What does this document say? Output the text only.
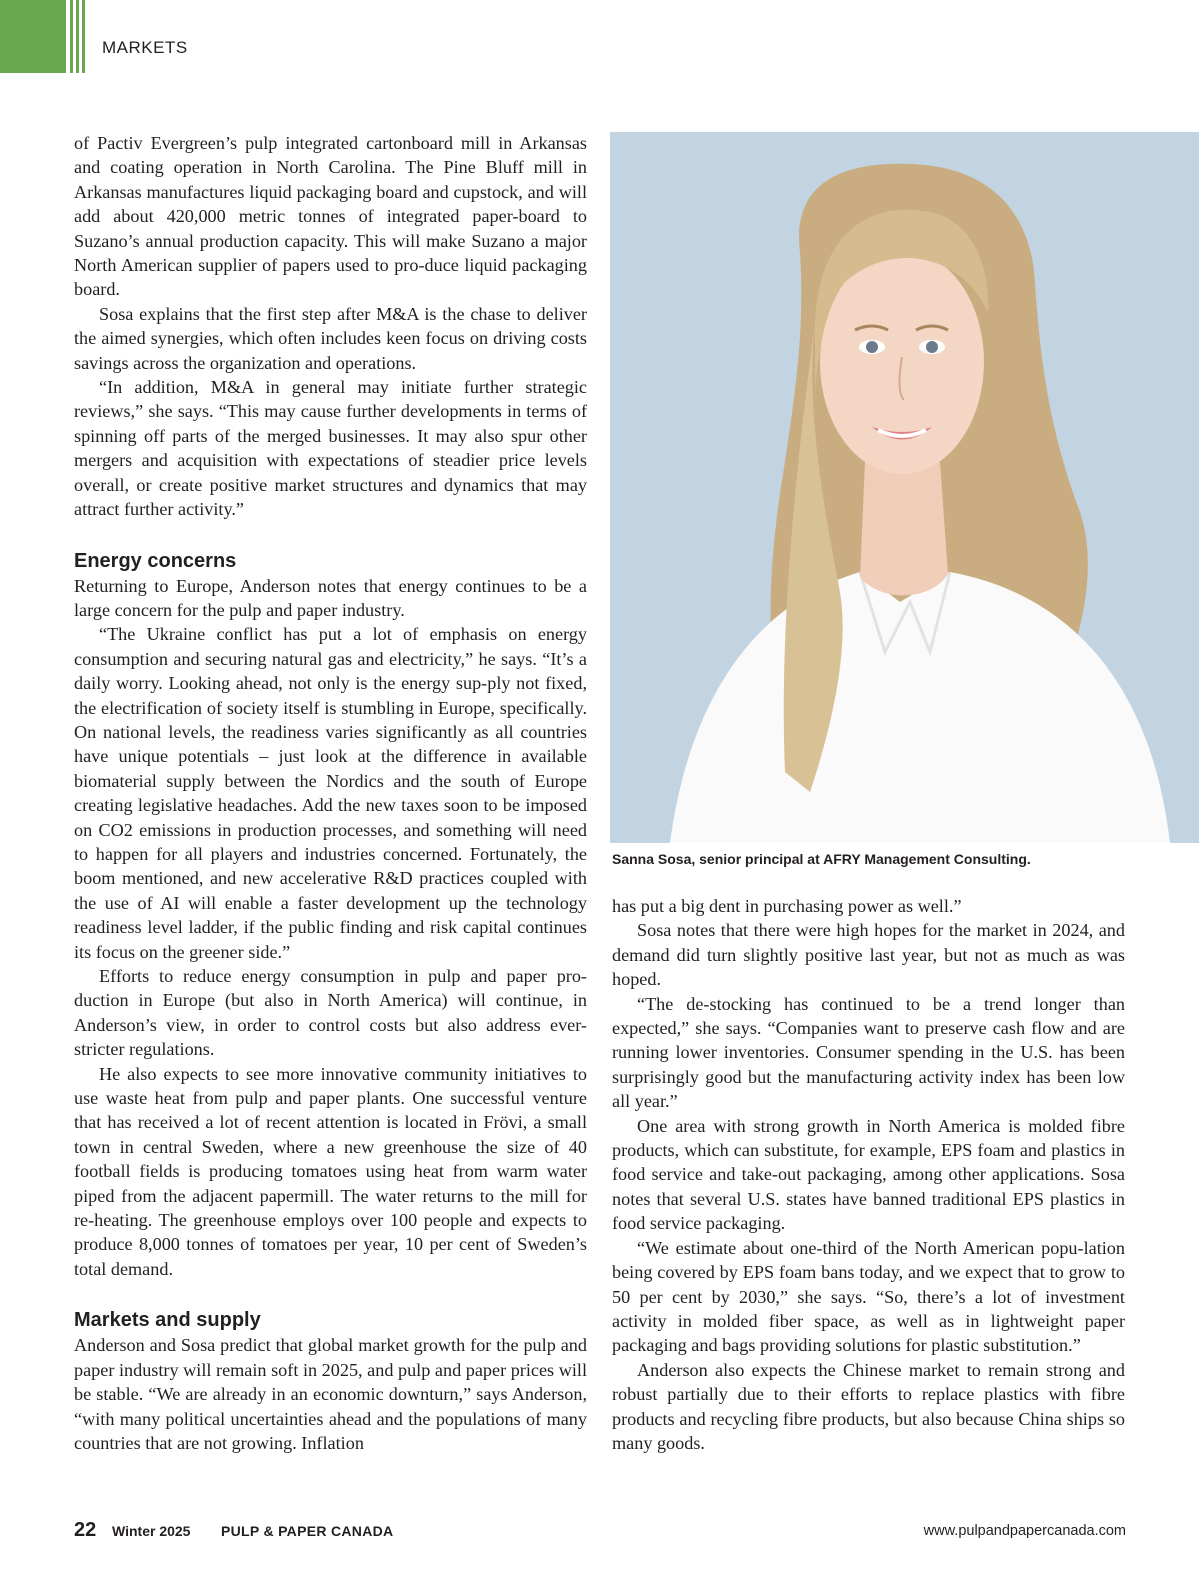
MARKETS

of Pactiv Evergreen’s pulp integrated cartonboard mill in Arkansas and coating operation in North Carolina. The Pine Bluff mill in Arkansas manufactures liquid packaging board and cupstock, and will add about 420,000 metric tonnes of integrated paper-board to Suzano’s annual production capacity. This will make Suzano a major North American supplier of papers used to pro-duce liquid packaging board.

Sosa explains that the first step after M&A is the chase to deliver the aimed synergies, which often includes keen focus on driving costs savings across the organization and operations.

“In addition, M&A in general may initiate further strategic reviews,” she says. “This may cause further developments in terms of spinning off parts of the merged businesses. It may also spur other mergers and acquisition with expectations of steadier price levels overall, or create positive market structures and dynamics that may attract further activity.”

Energy concerns

Returning to Europe, Anderson notes that energy continues to be a large concern for the pulp and paper industry.

“The Ukraine conflict has put a lot of emphasis on energy consumption and securing natural gas and electricity,” he says. “It’s a daily worry. Looking ahead, not only is the energy sup-ply not fixed, the electrification of society itself is stumbling in Europe, specifically. On national levels, the readiness varies significantly as all countries have unique potentials – just look at the difference in available biomaterial supply between the Nordics and the south of Europe creating legislative headaches. Add the new taxes soon to be imposed on CO2 emissions in production processes, and something will need to happen for all players and industries concerned. Fortunately, the boom mentioned, and new accelerative R&D practices coupled with the use of AI will enable a faster development up the technology readiness level ladder, if the public finding and risk capital continues its focus on the greener side.”

Efforts to reduce energy consumption in pulp and paper pro-duction in Europe (but also in North America) will continue, in Anderson’s view, in order to control costs but also address ever-stricter regulations.

He also expects to see more innovative community initiatives to use waste heat from pulp and paper plants. One successful venture that has received a lot of recent attention is located in Frövi, a small town in central Sweden, where a new greenhouse the size of 40 football fields is producing tomatoes using heat from warm water piped from the adjacent papermill. The water returns to the mill for re-heating. The greenhouse employs over 100 people and expects to produce 8,000 tonnes of tomatoes per year, 10 per cent of Sweden’s total demand.

Markets and supply

Anderson and Sosa predict that global market growth for the pulp and paper industry will remain soft in 2025, and pulp and paper prices will be stable. “We are already in an economic downturn,” says Anderson, “with many political uncertainties ahead and the populations of many countries that are not growing. Inflation

Sanna Sosa, senior principal at AFRY Management Consulting.

has put a big dent in purchasing power as well.”

Sosa notes that there were high hopes for the market in 2024, and demand did turn slightly positive last year, but not as much as was hoped.

“The de-stocking has continued to be a trend longer than expected,” she says. “Companies want to preserve cash flow and are running lower inventories. Consumer spending in the U.S. has been surprisingly good but the manufacturing activity index has been low all year.”

One area with strong growth in North America is molded fibre products, which can substitute, for example, EPS foam and plastics in food service and take-out packaging, among other applications. Sosa notes that several U.S. states have banned traditional EPS plastics in food service packaging.

“We estimate about one-third of the North American popu-lation being covered by EPS foam bans today, and we expect that to grow to 50 per cent by 2030,” she says. “So, there’s a lot of investment activity in molded fiber space, as well as in lightweight paper packaging and bags providing solutions for plastic substitution.”

Anderson also expects the Chinese market to remain strong and robust partially due to their efforts to replace plastics with fibre products and recycling fibre products, but also because China ships so many goods.

22 Winter 2025 PULP & PAPER CANADA	www.pulpandpapercanada.com
